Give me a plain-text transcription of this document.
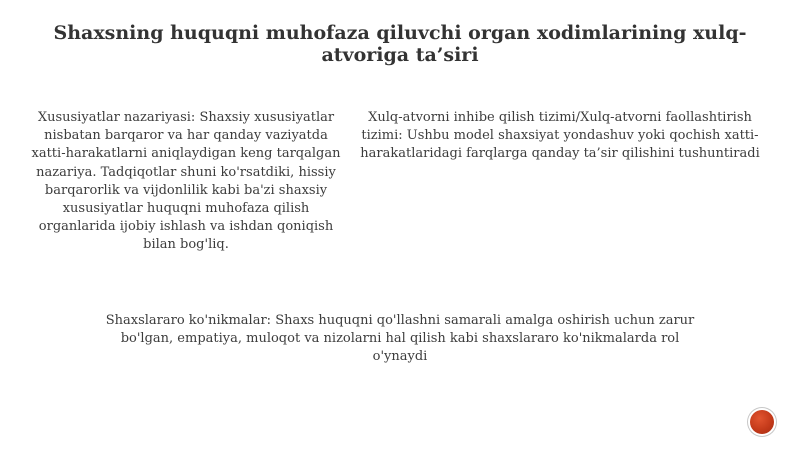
Shaxsning huquqni muhofaza qiluvchi organ xodimlarining xulq-atvoriga ta’siri

Xususiyatlar nazariyasi: Shaxsiy xususiyatlar nisbatan barqaror va har qanday vaziyatda xatti-harakatlarni aniqlaydigan keng tarqalgan nazariya. Tadqiqotlar shuni ko'rsatdiki, hissiy barqarorlik va vijdonlilik kabi ba'zi shaxsiy xususiyatlar huquqni muhofaza qilish organlarida ijobiy ishlash va ishdan qoniqish bilan bog'liq.

Xulq-atvorni inhibe qilish tizimi/Xulq-atvorni faollashtirish tizimi: Ushbu model shaxsiyat yondashuv yoki qochish xatti-harakatlaridagi farqlarga qanday ta’sir qilishini tushuntiradi

Shaxslararo ko'nikmalar: Shaxs huquqni qo'llashni samarali amalga oshirish uchun zarur bo'lgan, empatiya, muloqot va nizolarni hal qilish kabi shaxslararo ko'nikmalarda rol o'ynaydi
